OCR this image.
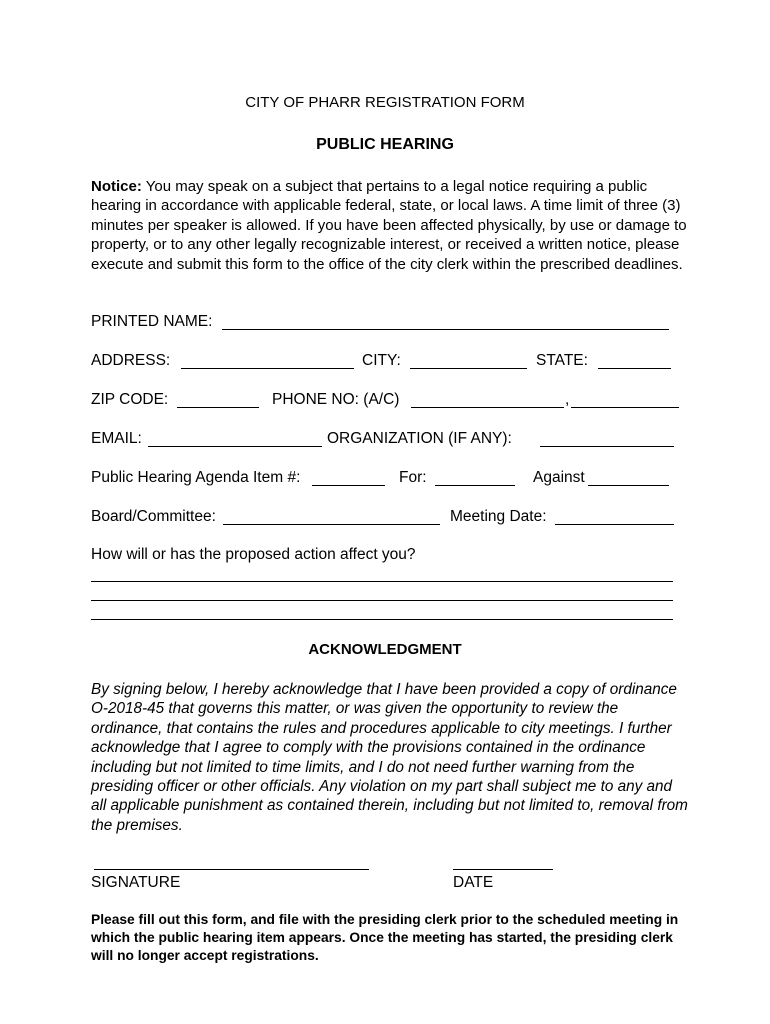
CITY OF PHARR REGISTRATION FORM
PUBLIC HEARING
Notice: You may speak on a subject that pertains to a legal notice requiring a public hearing in accordance with applicable federal, state, or local laws. A time limit of three (3) minutes per speaker is allowed. If you have been affected physically, by use or damage to property, or to any other legally recognizable interest, or received a written notice, please execute and submit this form to the office of the city clerk within the prescribed deadlines.
PRINTED NAME:
ADDRESS:	CITY:	STATE:
ZIP CODE:	PHONE NO: (A/C)	,
EMAIL:	ORGANIZATION (IF ANY):
Public Hearing Agenda Item #:	For:	Against
Board/Committee:	Meeting Date:
How will or has the proposed action affect you?
ACKNOWLEDGMENT
By signing below, I hereby acknowledge that I have been provided a copy of ordinance O-2018-45 that governs this matter, or was given the opportunity to review the ordinance, that contains the rules and procedures applicable to city meetings. I further acknowledge that I agree to comply with the provisions contained in the ordinance including but not limited to time limits, and I do not need further warning from the presiding officer or other officials. Any violation on my part shall subject me to any and all applicable punishment as contained therein, including but not limited to, removal from the premises.
SIGNATURE	DATE
Please fill out this form, and file with the presiding clerk prior to the scheduled meeting in which the public hearing item appears. Once the meeting has started, the presiding clerk will no longer accept registrations.
